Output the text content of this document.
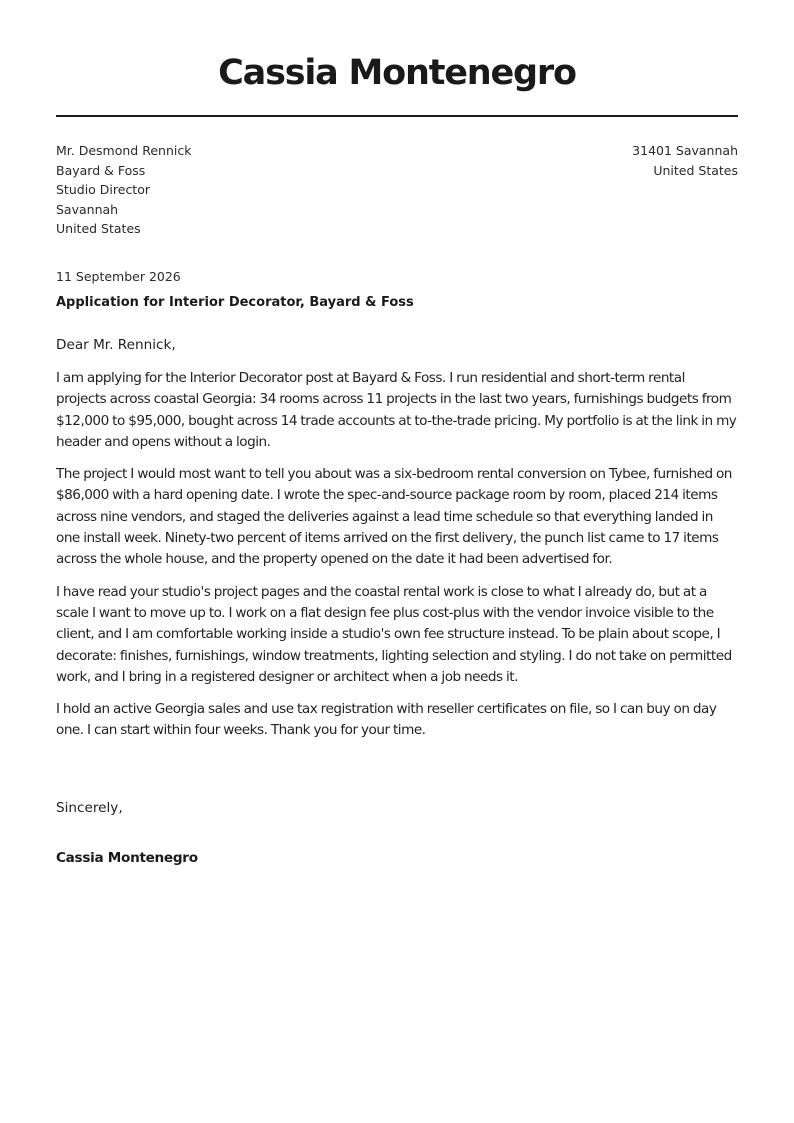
Cassia Montenegro
Mr. Desmond Rennick
Bayard & Foss
Studio Director
Savannah
United States
31401 Savannah
United States
11 September 2026
Application for Interior Decorator, Bayard & Foss
Dear Mr. Rennick,

I am applying for the Interior Decorator post at Bayard & Foss. I run residential and short-term rental projects across coastal Georgia: 34 rooms across 11 projects in the last two years, furnishings budgets from $12,000 to $95,000, bought across 14 trade accounts at to-the-trade pricing. My portfolio is at the link in my header and opens without a login.

The project I would most want to tell you about was a six-bedroom rental conversion on Tybee, furnished on $86,000 with a hard opening date. I wrote the spec-and-source package room by room, placed 214 items across nine vendors, and staged the deliveries against a lead time schedule so that everything landed in one install week. Ninety-two percent of items arrived on the first delivery, the punch list came to 17 items across the whole house, and the property opened on the date it had been advertised for.

I have read your studio's project pages and the coastal rental work is close to what I already do, but at a scale I want to move up to. I work on a flat design fee plus cost-plus with the vendor invoice visible to the client, and I am comfortable working inside a studio's own fee structure instead. To be plain about scope, I decorate: finishes, furnishings, window treatments, lighting selection and styling. I do not take on permitted work, and I bring in a registered designer or architect when a job needs it.

I hold an active Georgia sales and use tax registration with reseller certificates on file, so I can buy on day one. I can start within four weeks. Thank you for your time.

Sincerely,
Cassia Montenegro
